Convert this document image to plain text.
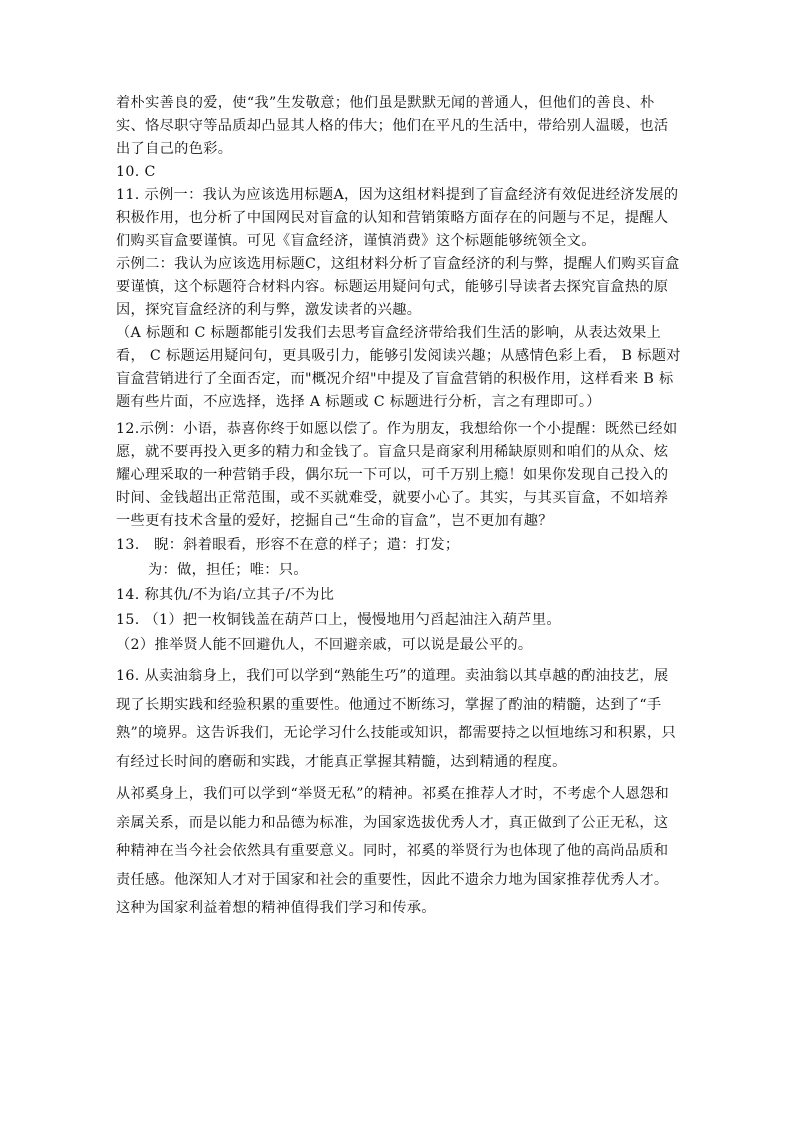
着朴实善良的爱，使“我”生发敬意；他们虽是默默无闻的普通人，但他们的善良、朴实、恪尽职守等品质却凸显其人格的伟大；他们在平凡的生活中，带给别人温暖，也活出了自己的色彩。

10. C

11. 示例一：我认为应该选用标题A，因为这组材料提到了盲盒经济有效促进经济发展的积极作用，也分析了中国网民对盲盒的认知和营销策略方面存在的问题与不足，提醒人们购买盲盒要谨慎。可见《盲盒经济，谨慎消费》这个标题能够统领全文。

示例二：我认为应该选用标题C，这组材料分析了盲盒经济的利与弊，提醒人们购买盲盒要谨慎，这个标题符合材料内容。标题运用疑问句式，能够引导读者去探究盲盒热的原因，探究盲盒经济的利与弊，激发读者的兴趣。

（A 标题和 C 标题都能引发我们去思考盲盒经济带给我们生活的影响，从表达效果上看， C 标题运用疑问句，更具吸引力，能够引发阅读兴趣；从感情色彩上看， B 标题对盲盒营销进行了全面否定，而"概况介绍"中提及了盲盒营销的积极作用，这样看来 B 标题有些片面，不应选择，选择 A 标题或 C 标题进行分析，言之有理即可。）

12.示例：小语，恭喜你终于如愿以偿了。作为朋友，我想给你一个小提醒：既然已经如愿，就不要再投入更多的精力和金钱了。盲盒只是商家利用稀缺原则和咱们的从众、炫耀心理采取的一种营销手段，偶尔玩一下可以，可千万别上瘾！如果你发现自己投入的时间、金钱超出正常范围，或不买就难受，就要小心了。其实，与其买盲盒，不如培养一些更有技术含量的爱好，挖掘自己“生命的盲盒”，岂不更加有趣？

13.　睨：斜着眼看，形容不在意的样子；遣：打发；

为：做，担任；唯：只。

14. 称其仇/不为谄/立其子/不为比

15. （1）把一枚铜钱盖在葫芦口上，慢慢地用勺舀起油注入葫芦里。

（2）推举贤人能不回避仇人，不回避亲戚，可以说是最公平的。

16. 从卖油翁身上，我们可以学到“熟能生巧”的道理。卖油翁以其卓越的酌油技艺，展现了长期实践和经验积累的重要性。他通过不断练习，掌握了酌油的精髓，达到了“手熟”的境界。这告诉我们，无论学习什么技能或知识，都需要持之以恒地练习和积累，只有经过长时间的磨砺和实践，才能真正掌握其精髓，达到精通的程度。

从祁奚身上，我们可以学到“举贤无私”的精神。祁奚在推荐人才时，不考虑个人恩怨和亲属关系，而是以能力和品德为标准，为国家选拔优秀人才，真正做到了公正无私，这种精神在当今社会依然具有重要意义。同时，祁奚的举贤行为也体现了他的高尚品质和责任感。他深知人才对于国家和社会的重要性，因此不遗余力地为国家推荐优秀人才。这种为国家利益着想的精神值得我们学习和传承。
